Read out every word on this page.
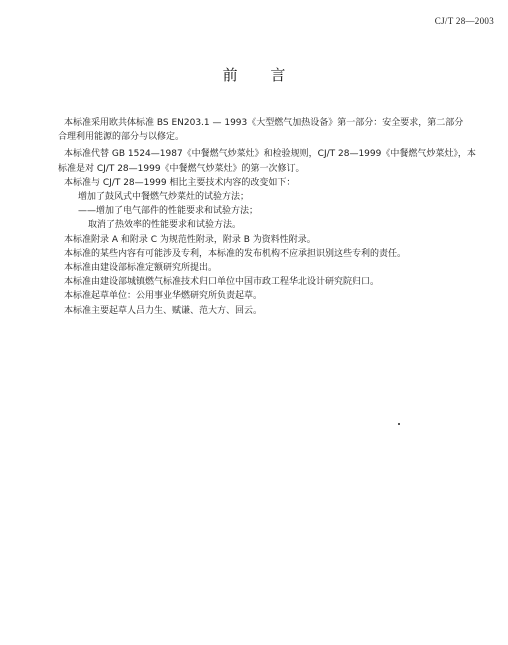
CJ/T 28—2003
前 言

本标准采用欧共体标准 BS EN203.1 — 1993《大型燃气加热设备》第一部分：安全要求，第二部分

合理利用能源的部分与以修定。

本标准代替 GB 1524—1987《中餐燃气炒菜灶》和检验规则，CJ/T 28—1999《中餐燃气炒菜灶》，本

标准是对 CJ/T 28—1999《中餐燃气炒菜灶》的第一次修订。

本标准与 CJ/T 28—1999 相比主要技术内容的改变如下：

增加了鼓风式中餐燃气炒菜灶的试验方法；

——增加了电气部件的性能要求和试验方法；

取消了热效率的性能要求和试验方法。

本标准附录 A 和附录 C 为规范性附录，附录 B 为资料性附录。

本标准的某些内容有可能涉及专利，本标准的发布机构不应承担识别这些专利的责任。

本标准由建设部标准定额研究所提出。

本标准由建设部城镇燃气标准技术归口单位中国市政工程华北设计研究院归口。

本标准起草单位：公用事业华燃研究所负责起草。

本标准主要起草人吕力生、赋谦、范大方、回云。
